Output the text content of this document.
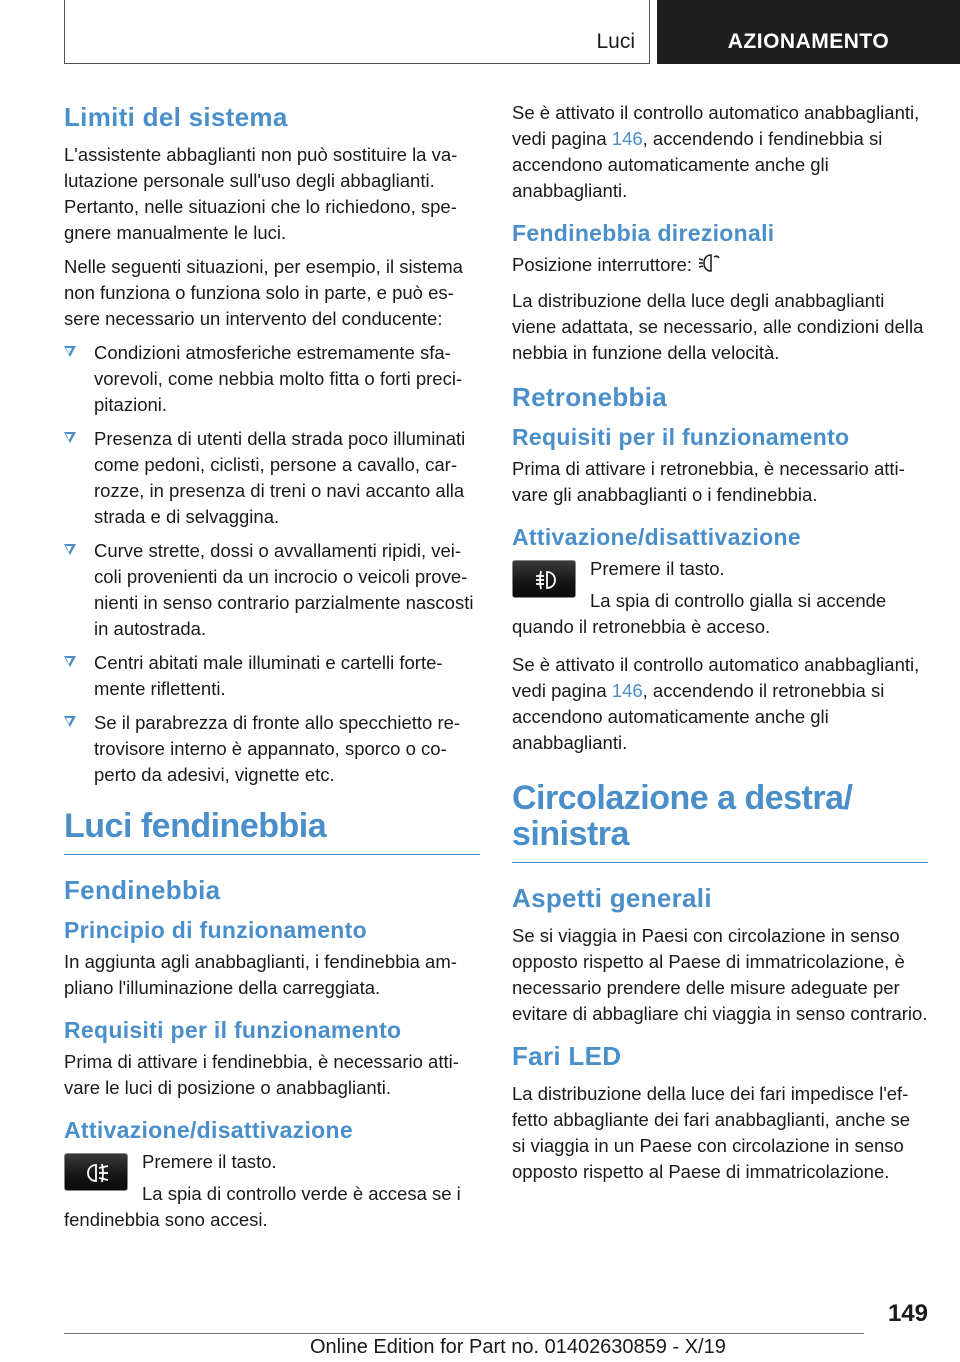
Luci	AZIONAMENTO
Limiti del sistema

L'assistente abbaglianti non può sostituire la valutazione personale sull'uso degli abbaglianti. Pertanto, nelle situazioni che lo richiedono, spegnere manualmente le luci.

Nelle seguenti situazioni, per esempio, il sistema non funziona o funziona solo in parte, e può essere necessario un intervento del conducente:

Condizioni atmosferiche estremamente sfavorevoli, come nebbia molto fitta o forti precipitazioni.
Presenza di utenti della strada poco illuminati come pedoni, ciclisti, persone a cavallo, carrozze, in presenza di treni o navi accanto alla strada e di selvaggina.
Curve strette, dossi o avvallamenti ripidi, veicoli provenienti da un incrocio o veicoli provenienti in senso contrario parzialmente nascosti in autostrada.
Centri abitati male illuminati e cartelli fortemente riflettenti.
Se il parabrezza di fronte allo specchietto retrovisore interno è appannato, sporco o coperto da adesivi, vignette etc.
Luci fendinebbia
Fendinebbia
Principio di funzionamento

In aggiunta agli anabbaglianti, i fendinebbia ampliano l'illuminazione della carreggiata.

Requisiti per il funzionamento

Prima di attivare i fendinebbia, è necessario attivare le luci di posizione o anabbaglianti.

Attivazione/disattivazione
Premere il tasto.
La spia di controllo verde è accesa se i
fendinebbia sono accesi.

Se è attivato il controllo automatico anabbaglianti, vedi pagina 146, accendendo i fendinebbia si accendono automaticamente anche gli anabbaglianti.

Fendinebbia direzionali

Posizione interruttore:

La distribuzione della luce degli anabbaglianti viene adattata, se necessario, alle condizioni della nebbia in funzione della velocità.

Retronebbia
Requisiti per il funzionamento

Prima di attivare i retronebbia, è necessario attivare gli anabbaglianti o i fendinebbia.

Attivazione/disattivazione
Premere il tasto.
La spia di controllo gialla si accende
quando il retronebbia è acceso.

Se è attivato il controllo automatico anabbaglianti, vedi pagina 146, accendendo il retronebbia si accendono automaticamente anche gli anabbaglianti.

Circolazione a destra/ sinistra
Aspetti generali

Se si viaggia in Paesi con circolazione in senso opposto rispetto al Paese di immatricolazione, è necessario prendere delle misure adeguate per evitare di abbagliare chi viaggia in senso contrario.

Fari LED

La distribuzione della luce dei fari impedisce l'effetto abbagliante dei fari anabbaglianti, anche se si viaggia in un Paese con circolazione in senso opposto rispetto al Paese di immatricolazione.

149
Online Edition for Part no. 01402630859 - X/19
